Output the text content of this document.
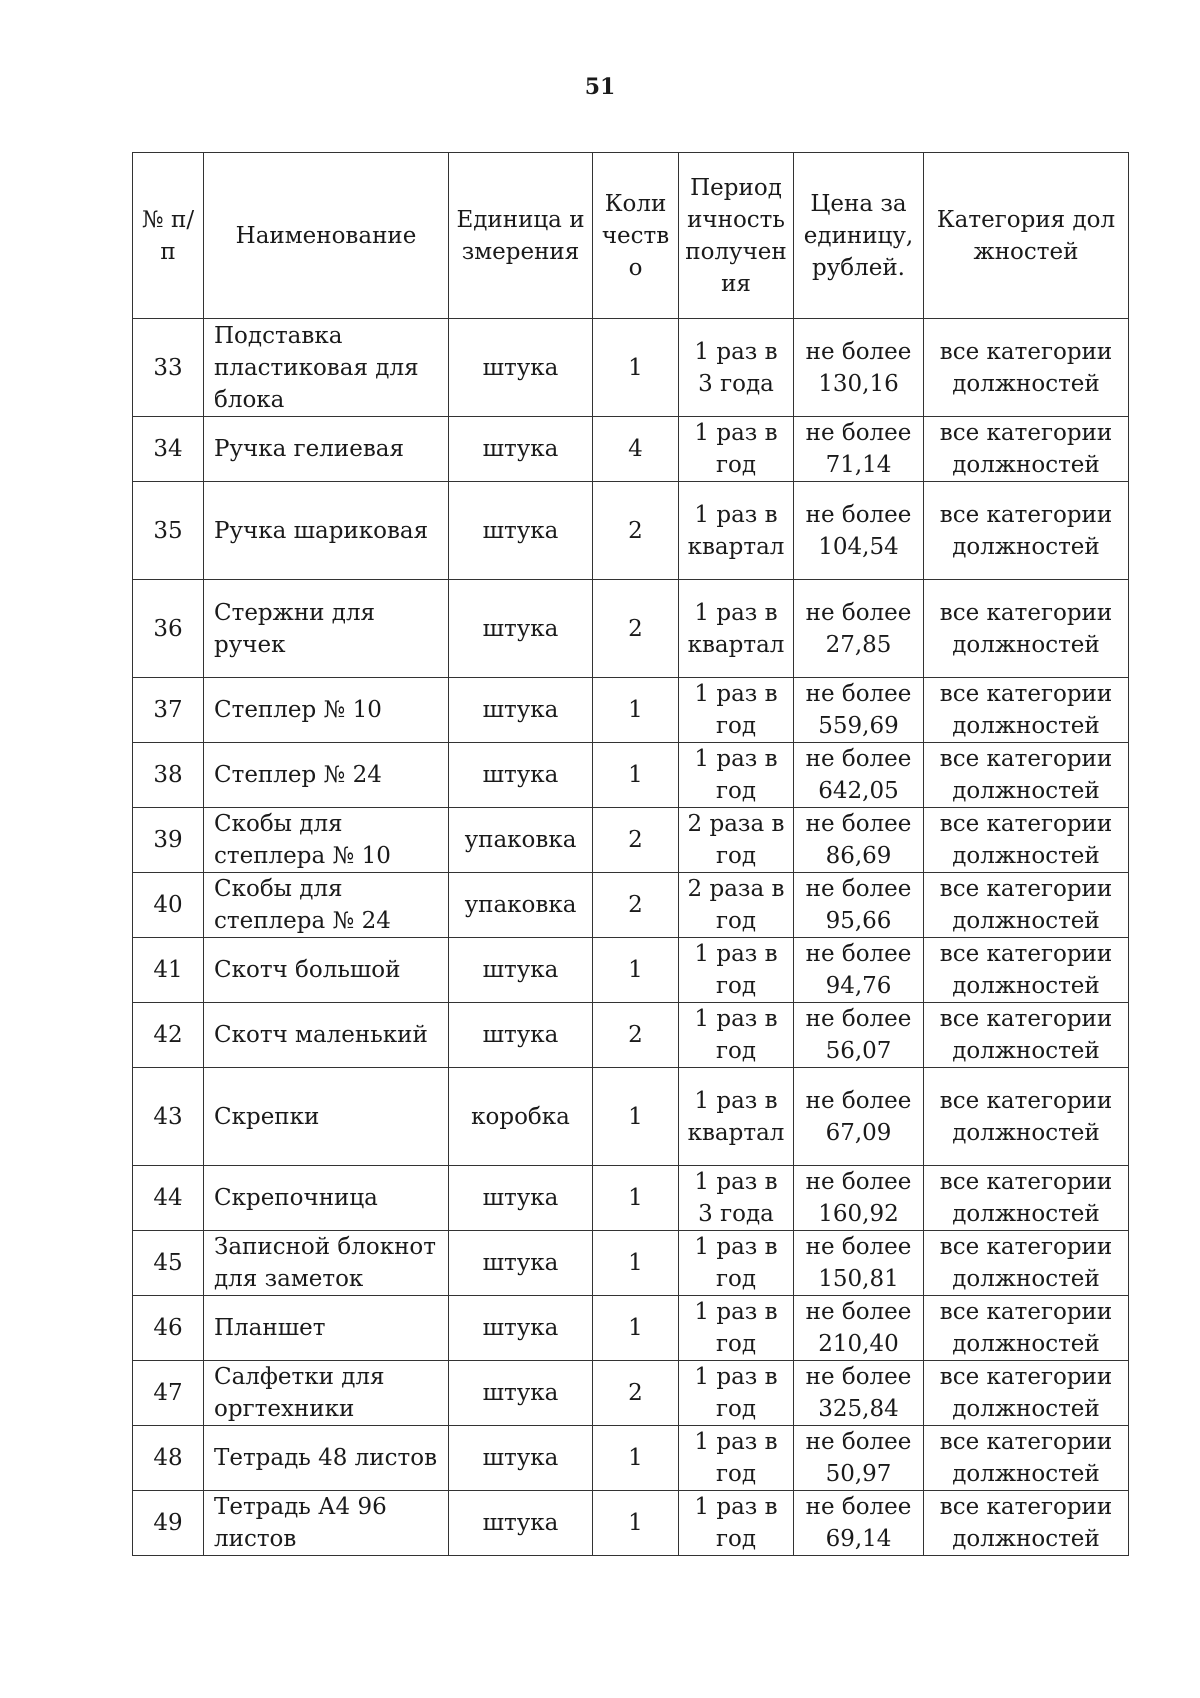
51
№ п/п	Наименование	Единица измерения	Количество	Периодичность получения	Цена за единицу, рублей.	Категория должностей
33	Подставка пластиковая для блока	штука	1	1 раз в 3 года	не более 130,16	все категории должностей
34	Ручка гелиевая	штука	4	1 раз в год	не более 71,14	все категории должностей
35	Ручка шариковая	штука	2	1 раз в квартал	не более 104,54	все категории должностей
36	Стержни для ручек	штука	2	1 раз в квартал	не более 27,85	все категории должностей
37	Степлер № 10	штука	1	1 раз в год	не более 559,69	все категории должностей
38	Степлер № 24	штука	1	1 раз в год	не более 642,05	все категории должностей
39	Скобы для степлера № 10	упаковка	2	2 раза в год	не более 86,69	все категории должностей
40	Скобы для степлера № 24	упаковка	2	2 раза в год	не более 95,66	все категории должностей
41	Скотч большой	штука	1	1 раз в год	не более 94,76	все категории должностей
42	Скотч маленький	штука	2	1 раз в год	не более 56,07	все категории должностей
43	Скрепки	коробка	1	1 раз в квартал	не более 67,09	все категории должностей
44	Скрепочница	штука	1	1 раз в 3 года	не более 160,92	все категории должностей
45	Записной блокнот для заметок	штука	1	1 раз в год	не более 150,81	все категории должностей
46	Планшет	штука	1	1 раз в год	не более 210,40	все категории должностей
47	Салфетки для оргтехники	штука	2	1 раз в год	не более 325,84	все категории должностей
48	Тетрадь 48 листов	штука	1	1 раз в год	не более 50,97	все категории должностей
49	Тетрадь А4 96 листов	штука	1	1 раз в год	не более 69,14	все категории должностей
